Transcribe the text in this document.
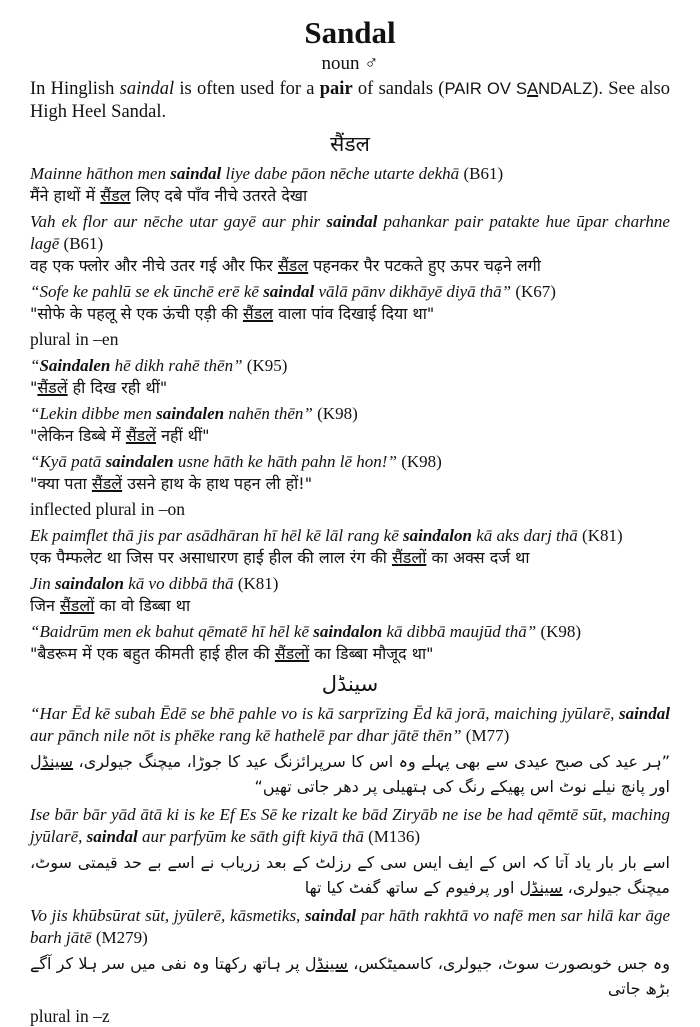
Sandal
noun ♂
In Hinglish saindal is often used for a pair of sandals (PAIR OV SANDALZ). See also High Heel Sandal.
सैंडल
Mainne hāthon men saindal liye dabe pāon nēche utarte dekhā (B61)
मैंने हाथों में सैंडल लिए दबे पाँव नीचे उतरते देखा
Vah ek flor aur nēche utar gayē aur phir saindal pahankar pair patakte hue ūpar charhne lagē (B61)
वह एक फ्लोर और नीचे उतर गई और फिर सैंडल पहनकर पैर पटकते हुए ऊपर चढ़ने लगी
“Sofe ke pahlū se ek ūnchē erē kē saindal vālā pānv dikhāyē diyā thā” (K67)
"सोफे के पहलू से एक ऊंची एड़ी की सैंडल वाला पांव दिखाई दिया था"
plural in –en
“Saindalen hē dikh rahē thēn” (K95)
"सैंडलें ही दिख रही थीं"
“Lekin dibbe men saindalen nahēn thēn” (K98)
"लेकिन डिब्बे में सैंडलें नहीं थीं"
“Kyā patā saindalen usne hāth ke hāth pahn lē hon!” (K98)
"क्या पता सैंडलें उसने हाथ के हाथ पहन ली हों!"
inflected plural in –on
Ek paimflet thā jis par asādhāran hī hēl kē lāl rang kē saindalon kā aks darj thā (K81)
एक पैम्फलेट था जिस पर असाधारण हाई हील की लाल रंग की सैंडलों का अक्स दर्ज था
Jin saindalon kā vo dibbā thā (K81)
जिन सैंडलों का वो डिब्बा था
“Baidrūm men ek bahut qēmatē hī hēl kē saindalon kā dibbā maujūd thā” (K98)
"बैडरूम में एक बहुत कीमती हाई हील की सैंडलों का डिब्बा मौजूद था"
سینڈل
“Har Ēd kē subah Ēdē se bhē pahle vo is kā sarprīzing Ēd kā jorā, maiching jyūlarē, saindal aur pānch nile nōt is phēke rang kē hathelē par dhar jātē thēn” (M77)
”ہر عید کی صبح عیدی سے بھی پہلے وہ اس کا سرپرائزنگ عید کا جوڑا، میچنگ جیولری، سینڈل اور پانچ نیلے نوٹ اس پھیکے رنگ کی ہتھیلی پر دھر جاتی تھیں“
Ise bār bār yād ātā ki is ke Ef Es Sē ke rizalt ke bād Ziryāb ne ise be had qēmtē sūt, maching jyūlarē, saindal aur parfyūm ke sāth gift kiyā thā (M136)
اسے بار بار یاد آتا کہ اس کے ایف ایس سی کے رزلٹ کے بعد زریاب نے اسے بے حد قیمتی سوٹ، میچنگ جیولری، سینڈل اور پرفیوم کے ساتھ گفٹ کیا تھا
Vo jis khūbsūrat sūt, jyūlerē, kāsmetiks, saindal par hāth rakhtā vo nafē men sar hilā kar āge barh jātē (M279)
وہ جس خوبصورت سوٹ، جیولری، کاسمیٹکس، سینڈل پر ہاتھ رکھتا وہ نفی میں سر ہلا کر آگے بڑھ جاتی
plural in –z
